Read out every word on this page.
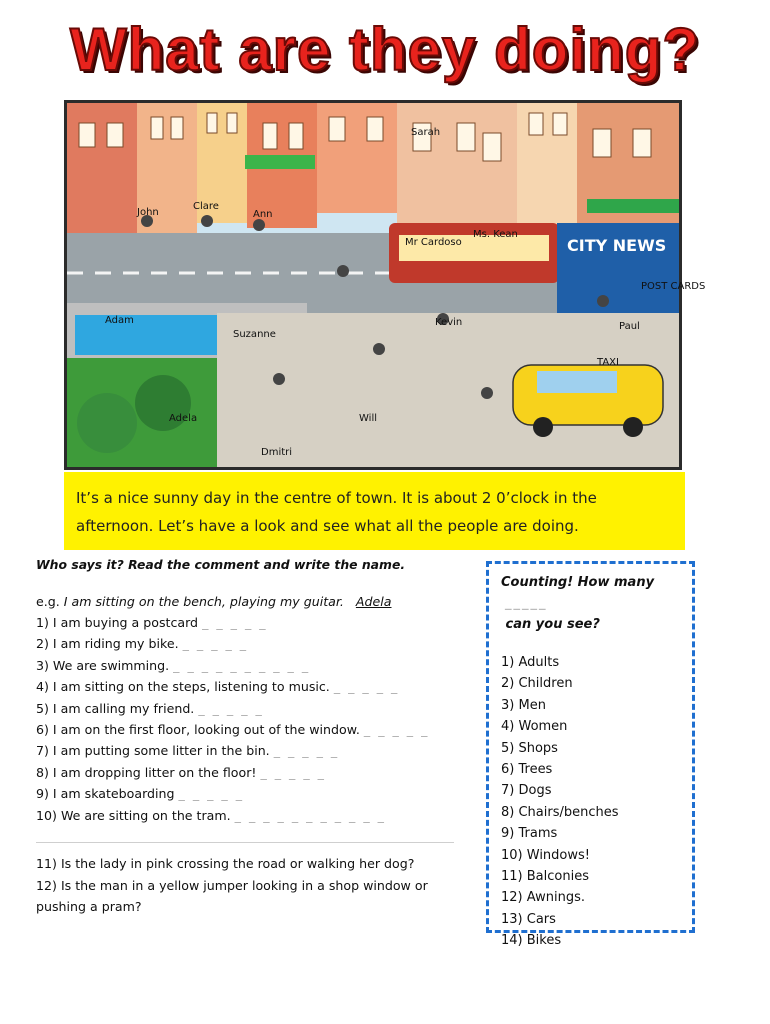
What are they doing?
CITY NEWS
Sarah
John
Clare
Ann
Mr Cardoso
Ms. Kean
POST CARDS
TAXI
Adam
Suzanne
Kevin	Paul
Adela	Will
Dmitri
It’s a nice sunny day in the centre of town. It is about 2 0’clock in the afternoon. Let’s have a look and see what all the people are doing.

Who says it? Read the comment and write the name.

e.g. I am sitting on the bench, playing my guitar. Adela
1) I am buying a postcard _ _ _ _ _
2) I am riding my bike. _ _ _ _ _
3) We are swimming. _ _ _ _ _ _ _ _ _ _
4) I am sitting on the steps, listening to music. _ _ _ _ _
5) I am calling my friend. _ _ _ _ _
6) I am on the first floor, looking out of the window. _ _ _ _ _
7) I am putting some litter in the bin. _ _ _ _ _
8) I am dropping litter on the floor! _ _ _ _ _
9) I am skateboarding _ _ _ _ _
10) We are sitting on the tram. _ _ _ _ _ _ _ _ _ _ _
11) Is the lady in pink crossing the road or walking her dog?
12) Is the man in a yellow jumper looking in a shop window or pushing a pram?
Counting! How many _____
can you see?
1) Adults
2) Children
3) Men
4) Women
5) Shops
6) Trees
7) Dogs
8) Chairs/benches
9) Trams
10) Windows!
11) Balconies
12) Awnings.
13) Cars
14) Bikes
